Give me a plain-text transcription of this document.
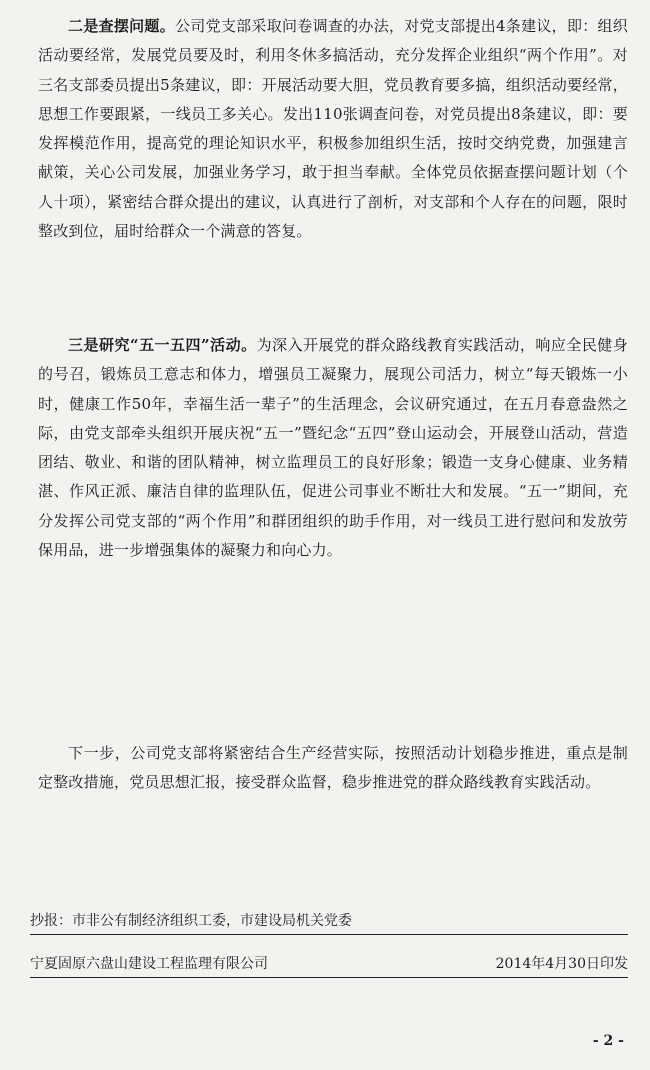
二是查摆问题。公司党支部采取问卷调查的办法，对党支部提出4条建议，即：组织活动要经常，发展党员要及时，利用冬休多搞活动，充分发挥企业组织“两个作用”。对三名支部委员提出5条建议，即：开展活动要大胆，党员教育要多搞，组织活动要经常，思想工作要跟紧，一线员工多关心。发出110张调查问卷，对党员提出8条建议，即：要发挥模范作用，提高党的理论知识水平，积极参加组织生活，按时交纳党费，加强建言献策，关心公司发展，加强业务学习，敢于担当奉献。全体党员依据查摆问题计划（个人十项），紧密结合群众提出的建议，认真进行了剖析，对支部和个人存在的问题，限时整改到位，届时给群众一个满意的答复。

三是研究“五一五四”活动。为深入开展党的群众路线教育实践活动，响应全民健身的号召，锻炼员工意志和体力，增强员工凝聚力，展现公司活力，树立“每天锻炼一小时，健康工作50年，幸福生活一辈子”的生活理念，会议研究通过，在五月春意盎然之际，由党支部牵头组织开展庆祝“五一”暨纪念“五四”登山运动会，开展登山活动，营造团结、敬业、和谐的团队精神，树立监理员工的良好形象；锻造一支身心健康、业务精湛、作风正派、廉洁自律的监理队伍，促进公司事业不断壮大和发展。“五一”期间，充分发挥公司党支部的“两个作用”和群团组织的助手作用，对一线员工进行慰问和发放劳保用品，进一步增强集体的凝聚力和向心力。

下一步，公司党支部将紧密结合生产经营实际，按照活动计划稳步推进，重点是制定整改措施，党员思想汇报，接受群众监督，稳步推进党的群众路线教育实践活动。

抄报：市非公有制经济组织工委，市建设局机关党委
宁夏固原六盘山建设工程监理有限公司	2014年4月30日印发
- 2 -
